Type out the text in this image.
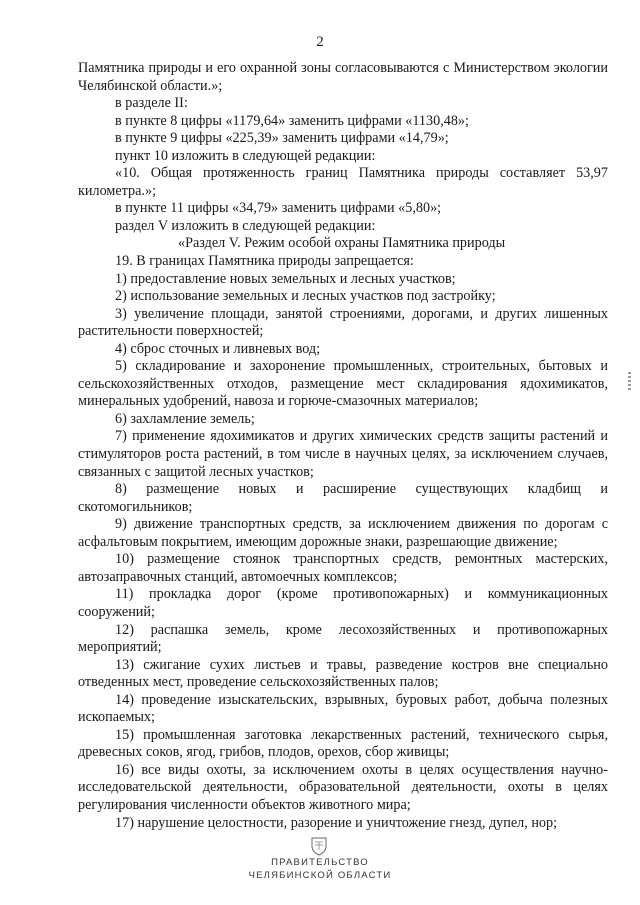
2

Памятника природы и его охранной зоны согласовываются с Министерством экологии Челябинской области.»;

в разделе II:

в пункте 8 цифры «1179,64» заменить цифрами «1130,48»;

в пункте 9 цифры «225,39» заменить цифрами «14,79»;

пункт 10 изложить в следующей редакции:

«10. Общая протяженность границ Памятника природы составляет 53,97 километра.»;

в пункте 11 цифры «34,79» заменить цифрами «5,80»;

раздел V изложить в следующей редакции:

«Раздел V. Режим особой охраны Памятника природы

19. В границах Памятника природы запрещается:

1) предоставление новых земельных и лесных участков;

2) использование земельных и лесных участков под застройку;

3) увеличение площади, занятой строениями, дорогами, и других лишенных растительности поверхностей;

4) сброс сточных и ливневых вод;

5) складирование и захоронение промышленных, строительных, бытовых и сельскохозяйственных отходов, размещение мест складирования ядохимикатов, минеральных удобрений, навоза и горюче-смазочных материалов;

6) захламление земель;

7) применение ядохимикатов и других химических средств защиты растений и стимуляторов роста растений, в том числе в научных целях, за исключением случаев, связанных с защитой лесных участков;

8) размещение новых и расширение существующих кладбищ и скотомогильников;

9) движение транспортных средств, за исключением движения по дорогам с асфальтовым покрытием, имеющим дорожные знаки, разрешающие движение;

10) размещение стоянок транспортных средств, ремонтных мастерских, автозаправочных станций, автомоечных комплексов;

11) прокладка дорог (кроме противопожарных) и коммуникационных сооружений;

12) распашка земель, кроме лесохозяйственных и противопожарных мероприятий;

13) сжигание сухих листьев и травы, разведение костров вне специально отведенных мест, проведение сельскохозяйственных палов;

14) проведение изыскательских, взрывных, буровых работ, добыча полезных ископаемых;

15) промышленная заготовка лекарственных растений, технического сырья, древесных соков, ягод, грибов, плодов, орехов, сбор живицы;

16) все виды охоты, за исключением охоты в целях осуществления научно-исследовательской деятельности, образовательной деятельности, охоты в целях регулирования численности объектов животного мира;

17) нарушение целостности, разорение и уничтожение гнезд, дупел, нор;

ПРАВИТЕЛЬСТВО
ЧЕЛЯБИНСКОЙ ОБЛАСТИ
